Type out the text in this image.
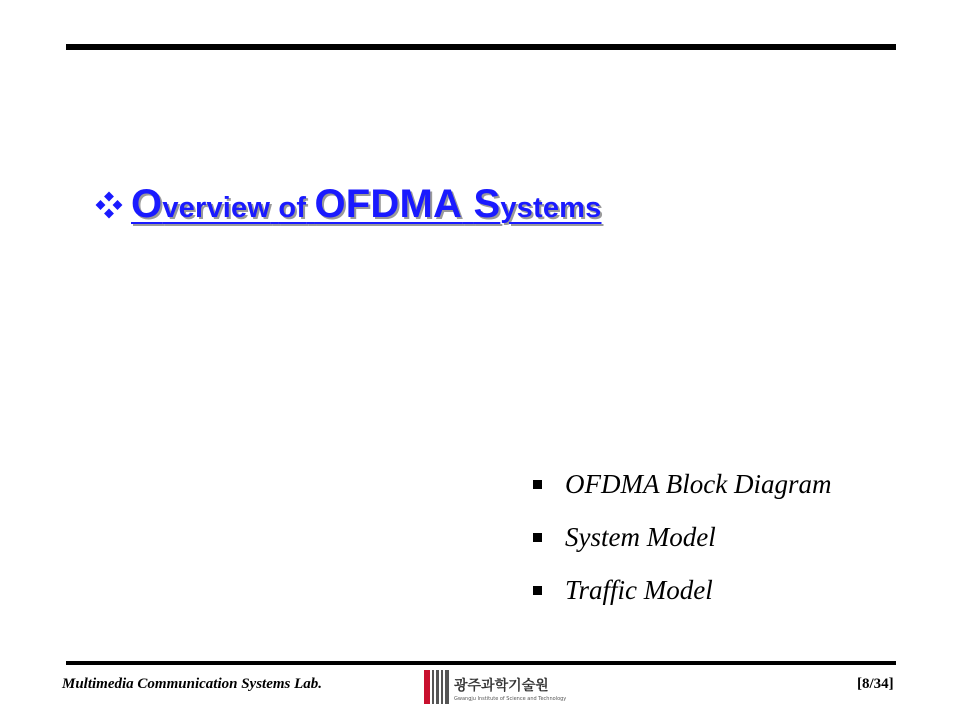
Overview of OFDMA Systems
OFDMA Block Diagram
System Model
Traffic Model
Multimedia Communication Systems Lab.	광주과학기술원
Gwangju Institute of Science and Technology
[8/34]
